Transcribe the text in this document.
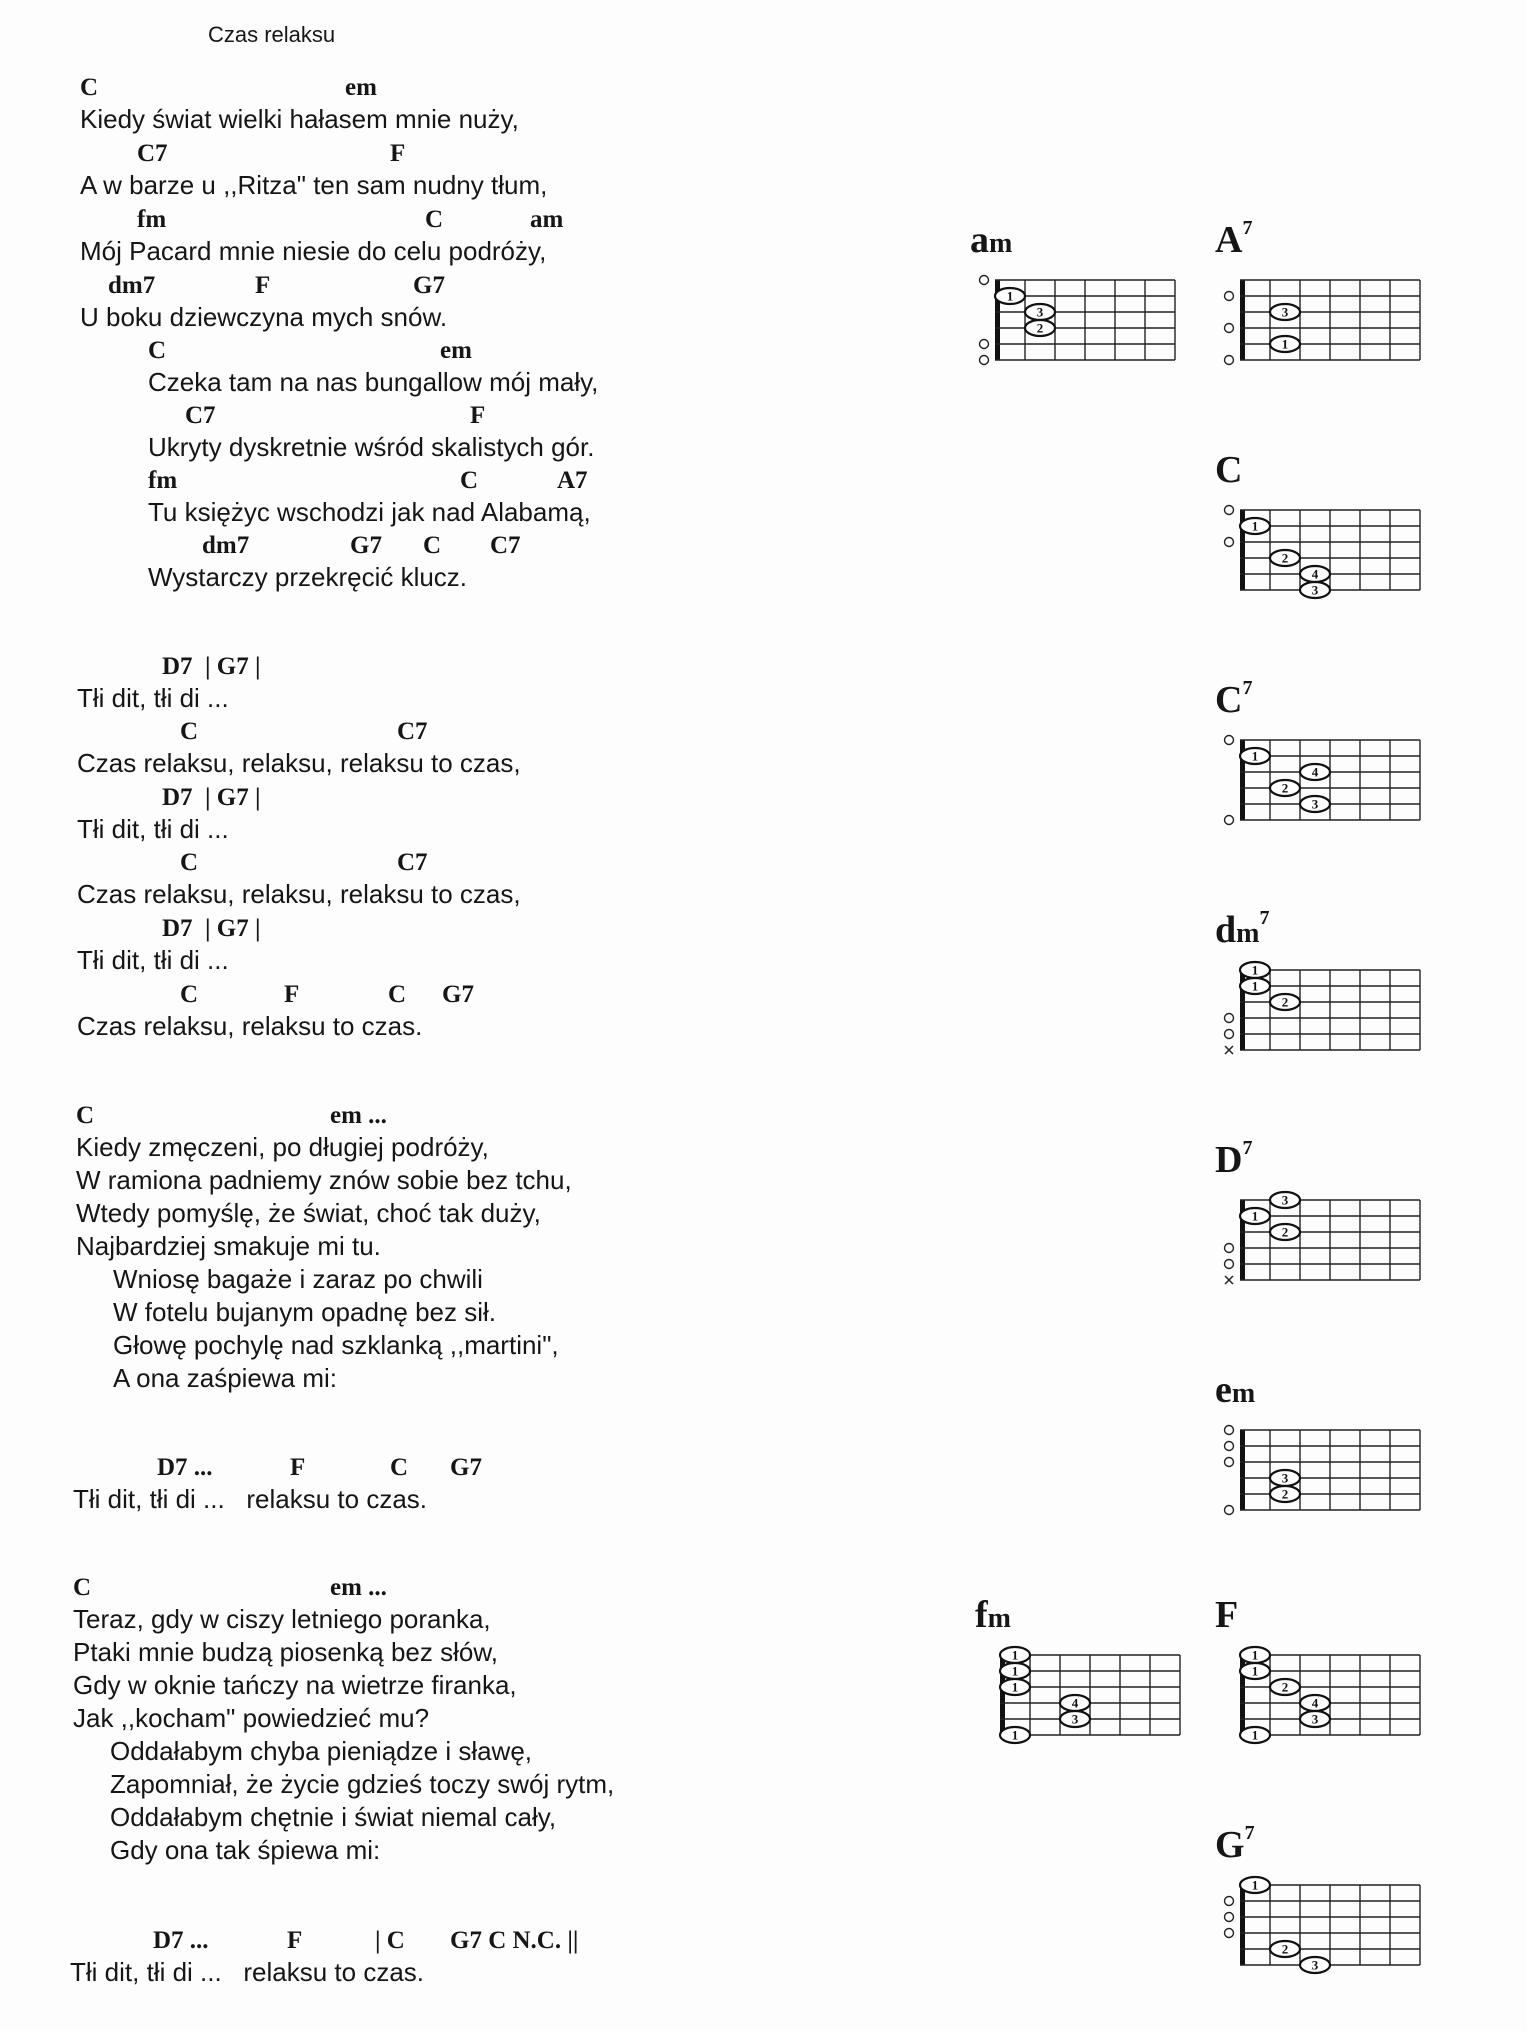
Czas relaksu
C	em
Kiedy świat wielki hałasem mnie nuży,
C7	F
A w barze u ,,Ritza" ten sam nudny tłum,
fm	C	am
Mój Pacard mnie niesie do celu podróży,
dm7	F	G7
U boku dziewczyna mych snów.
C	em
Czeka tam na nas bungallow mój mały,
C7	F
Ukryty dyskretnie wśród skalistych gór.
fm	C	A7
Tu księżyc wschodzi jak nad Alabamą,
dm7	G7 C C7
Wystarczy przekręcić klucz.
D7  | G7 |
Tłi dit, tłi di ...
C	C7
Czas relaksu, relaksu, relaksu to czas,
D7  | G7 |
Tłi dit, tłi di ...
C	C7
Czas relaksu, relaksu, relaksu to czas,
D7  | G7 |
Tłi dit, tłi di ...
C	F	C G7
Czas relaksu, relaksu to czas.
C	em ...
Kiedy zmęczeni, po długiej podróży,
W ramiona padniemy znów sobie bez tchu,
Wtedy pomyślę, że świat, choć tak duży,
Najbardziej smakuje mi tu.
Wniosę bagaże i zaraz po chwili
W fotelu bujanym opadnę bez sił.
Głowę pochylę nad szklanką ,,martini",
A ona zaśpiewa mi:
D7 ...	F	C G7
Tłi dit, tłi di ...   relaksu to czas.
C	em ...
Teraz, gdy w ciszy letniego poranka,
Ptaki mnie budzą piosenką bez słów,
Gdy w oknie tańczy na wietrze firanka,
Jak ,,kocham" powiedzieć mu?
Oddałabym chyba pieniądze i sławę,
Zapomniał, że życie gdzieś toczy swój rytm,
Oddałabym chętnie i świat niemal cały,
Gdy ona tak śpiewa mi:
D7 ...	F	| C G7 C N.C. ||
Tłi dit, tłi di ...   relaksu to czas.
am
1
3
2
$A^7$
3
1
C
1
2
4
3
$C^7$
1
4
2
3
$dm^7$
1
1
2
$D^7$
3
1
2
em
3
2
fm
1
1
1
4
3
1
F
1
1
2
4
3
1
$G^7$
1
2
3
